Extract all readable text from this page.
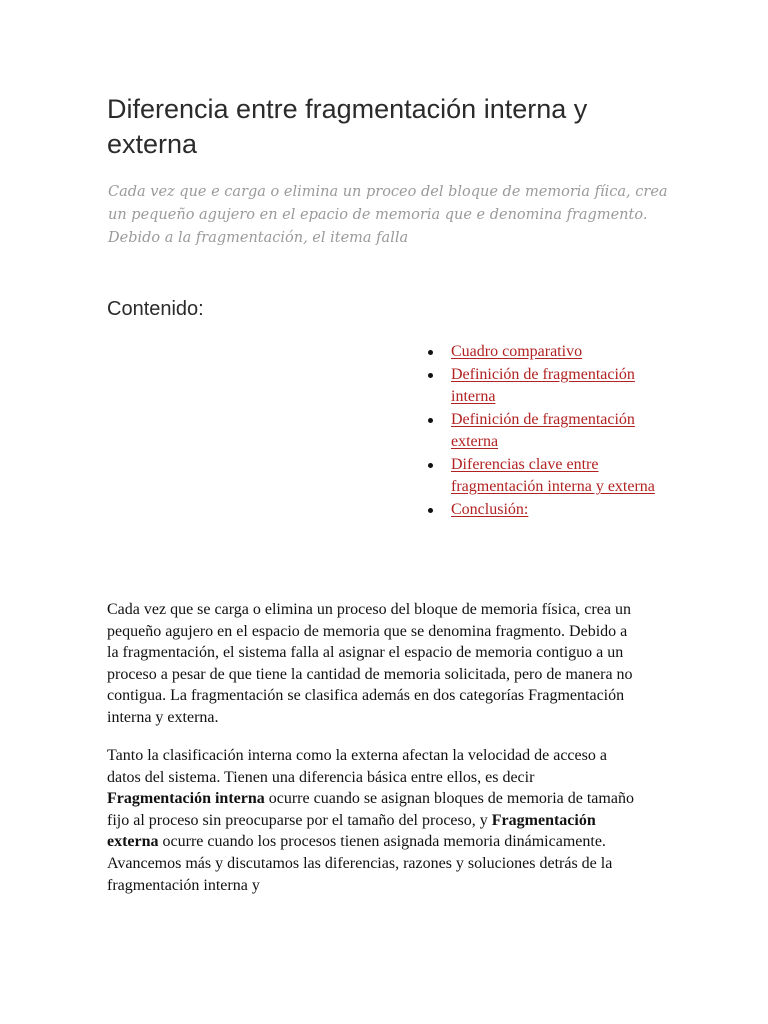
Diferencia entre fragmentación interna y externa

Cada vez que e carga o elimina un proceo del bloque de memoria fíica, crea un pequeño agujero en el epacio de memoria que e denomina fragmento. Debido a la fragmentación, el itema falla

Contenido:
Cuadro comparativo
Definición de fragmentación interna
Definición de fragmentación externa
Diferencias clave entre fragmentación interna y externa
Conclusión:

Cada vez que se carga o elimina un proceso del bloque de memoria física, crea un pequeño agujero en el espacio de memoria que se denomina fragmento. Debido a la fragmentación, el sistema falla al asignar el espacio de memoria contiguo a un proceso a pesar de que tiene la cantidad de memoria solicitada, pero de manera no contigua. La fragmentación se clasifica además en dos categorías Fragmentación interna y externa.

Tanto la clasificación interna como la externa afectan la velocidad de acceso a datos del sistema. Tienen una diferencia básica entre ellos, es decir Fragmentación interna ocurre cuando se asignan bloques de memoria de tamaño fijo al proceso sin preocuparse por el tamaño del proceso, y Fragmentación externa ocurre cuando los procesos tienen asignada memoria dinámicamente. Avancemos más y discutamos las diferencias, razones y soluciones detrás de la fragmentación interna y
